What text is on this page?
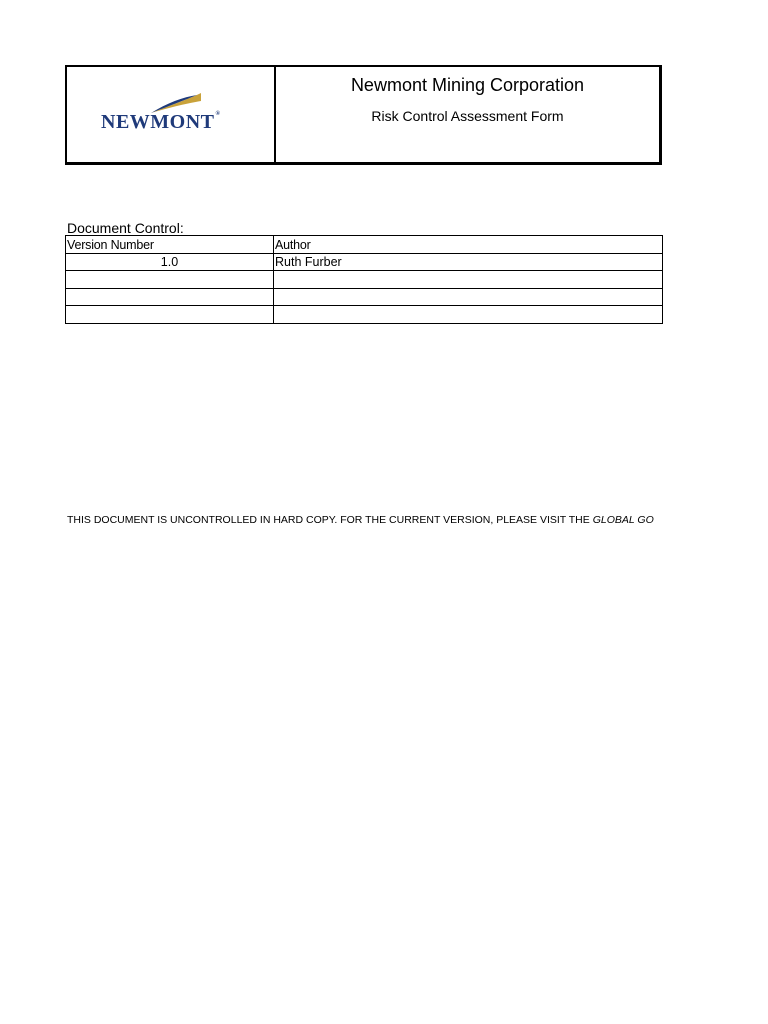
NEWMONT®
Newmont Mining Corporation
Risk Control Assessment Form
Document Control:
Version Number	Author
1.0	Ruth Furber

THIS DOCUMENT IS UNCONTROLLED IN HARD COPY. FOR THE CURRENT VERSION, PLEASE VISIT THE GLOBAL GO
